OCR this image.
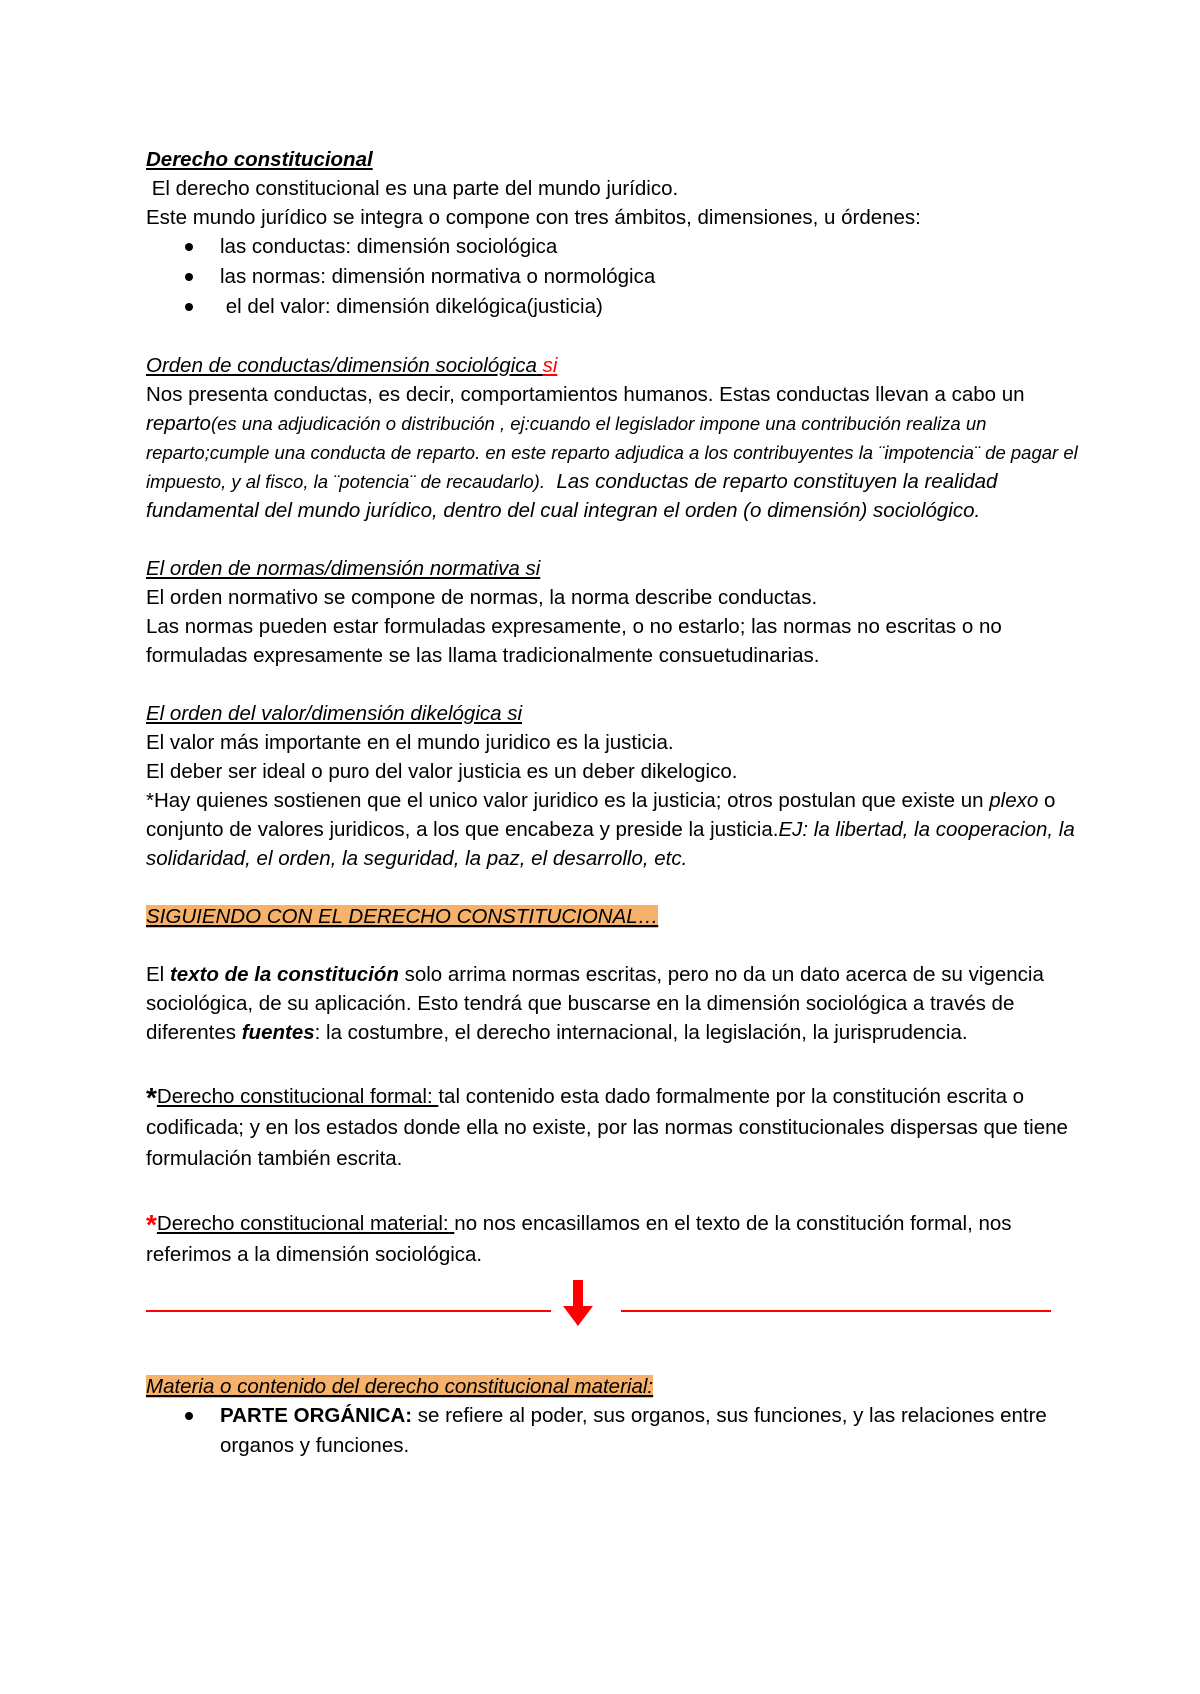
Derecho constitucional

El derecho constitucional es una parte del mundo jurídico.

Este mundo jurídico se integra o compone con tres ámbitos, dimensiones, u órdenes:

las conductas: dimensión sociológica
las normas: dimensión normativa o normológica
el del valor: dimensión dikelógica(justicia)

Orden de conductas/dimensión sociológica si

Nos presenta conductas, es decir, comportamientos humanos. Estas conductas llevan a cabo un reparto(es una adjudicación o distribución , ej:cuando el legislador impone una contribución realiza un reparto;cumple una conducta de reparto. en este reparto adjudica a los contribuyentes la ¨impotencia¨ de pagar el impuesto, y al fisco, la ¨potencia¨ de recaudarlo).  Las conductas de reparto constituyen la realidad fundamental del mundo jurídico, dentro del cual integran el orden (o dimensión) sociológico.

El orden de normas/dimensión normativa si

El orden normativo se compone de normas, la norma describe conductas.

Las normas pueden estar formuladas expresamente, o no estarlo; las normas no escritas o no formuladas expresamente se las llama tradicionalmente consuetudinarias.

El orden del valor/dimensión dikelógica si

El valor más importante en el mundo juridico es la justicia.

El deber ser ideal o puro del valor justicia es un deber dikelogico.

*Hay quienes sostienen que el unico valor juridico es la justicia; otros postulan que existe un plexo o conjunto de valores juridicos, a los que encabeza y preside la justicia.EJ: la libertad, la cooperacion, la solidaridad, el orden, la seguridad, la paz, el desarrollo, etc.

SIGUIENDO CON EL DERECHO CONSTITUCIONAL…

El texto de la constitución solo arrima normas escritas, pero no da un dato acerca de su vigencia sociológica, de su aplicación. Esto tendrá que buscarse en la dimensión sociológica a través de diferentes fuentes: la costumbre, el derecho internacional, la legislación, la jurisprudencia.

*Derecho constitucional formal: tal contenido esta dado formalmente por la constitución escrita o codificada; y en los estados donde ella no existe, por las normas constitucionales dispersas que tiene formulación también escrita.

*Derecho constitucional material: no nos encasillamos en el texto de la constitución formal, nos referimos a la dimensión sociológica.

Materia o contenido del derecho constitucional material:

PARTE ORGÁNICA: se refiere al poder, sus organos, sus funciones, y las relaciones entre organos y funciones.
